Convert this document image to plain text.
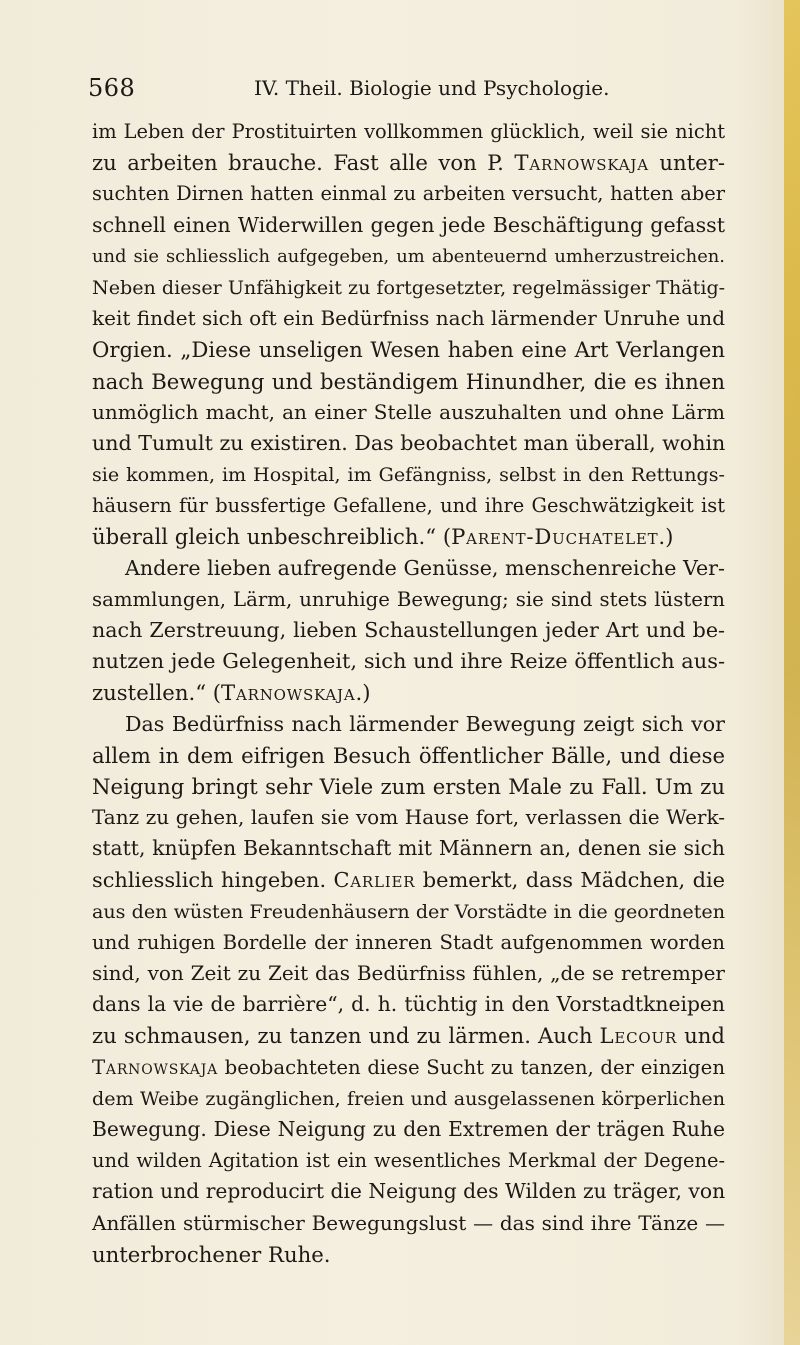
568	IV. Theil. Biologie und Psychologie.
im Leben der Prostituirten vollkommen glücklich, weil sie nicht
zu arbeiten brauche. Fast alle von P. Tarnowskaja unter-
suchten Dirnen hatten einmal zu arbeiten versucht, hatten aber
schnell einen Widerwillen gegen jede Beschäftigung gefasst
und sie schliesslich aufgegeben, um abenteuernd umherzustreichen.
Neben dieser Unfähigkeit zu fortgesetzter, regelmässiger Thätig-
keit findet sich oft ein Bedürfniss nach lärmender Unruhe und
Orgien. „Diese unseligen Wesen haben eine Art Verlangen
nach Bewegung und beständigem Hinundher, die es ihnen
unmöglich macht, an einer Stelle auszuhalten und ohne Lärm
und Tumult zu existiren. Das beobachtet man überall, wohin
sie kommen, im Hospital, im Gefängniss, selbst in den Rettungs-
häusern für bussfertige Gefallene, und ihre Geschwätzigkeit ist
überall gleich unbeschreiblich.“ (Parent-Duchatelet.)
Andere lieben aufregende Genüsse, menschenreiche Ver-
sammlungen, Lärm, unruhige Bewegung; sie sind stets lüstern
nach Zerstreuung, lieben Schaustellungen jeder Art und be-
nutzen jede Gelegenheit, sich und ihre Reize öffentlich aus-
zustellen.“ (Tarnowskaja.)
Das Bedürfniss nach lärmender Bewegung zeigt sich vor
allem in dem eifrigen Besuch öffentlicher Bälle, und diese
Neigung bringt sehr Viele zum ersten Male zu Fall. Um zu
Tanz zu gehen, laufen sie vom Hause fort, verlassen die Werk-
statt, knüpfen Bekanntschaft mit Männern an, denen sie sich
schliesslich hingeben. Carlier bemerkt, dass Mädchen, die
aus den wüsten Freudenhäusern der Vorstädte in die geordneten
und ruhigen Bordelle der inneren Stadt aufgenommen worden
sind, von Zeit zu Zeit das Bedürfniss fühlen, „de se retremper
dans la vie de barrière“, d. h. tüchtig in den Vorstadtkneipen
zu schmausen, zu tanzen und zu lärmen. Auch Lecour und
Tarnowskaja beobachteten diese Sucht zu tanzen, der einzigen
dem Weibe zugänglichen, freien und ausgelassenen körperlichen
Bewegung. Diese Neigung zu den Extremen der trägen Ruhe
und wilden Agitation ist ein wesentliches Merkmal der Degene-
ration und reproducirt die Neigung des Wilden zu träger, von
Anfällen stürmischer Bewegungslust — das sind ihre Tänze —
unterbrochener Ruhe.
